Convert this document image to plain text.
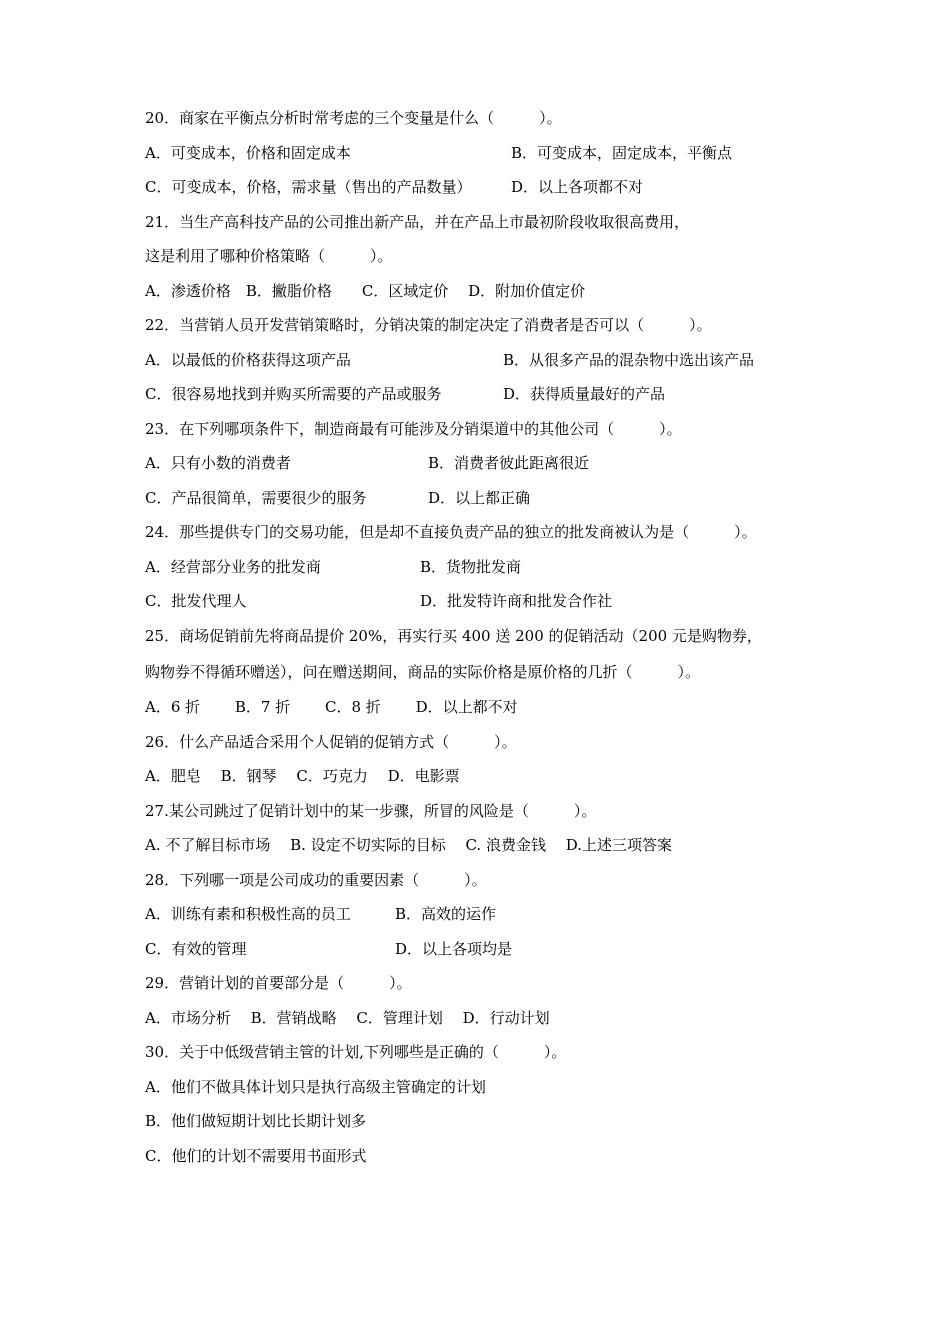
20．商家在平衡点分析时常考虑的三个变量是什么（　　　）。

A．可变成本，价格和固定成本

	B．可变成本，固定成本，平衡点

C．可变成本，价格，需求量（售出的产品数量）

	D．以上各项都不对

21．当生产高科技产品的公司推出新产品，并在产品上市最初阶段收取很高费用，

这是利用了哪种价格策略（　　　）。

A．渗透价格　B．撇脂价格　　C．区域定价　 D．附加价值定价

22．当营销人员开发营销策略时，分销决策的制定决定了消费者是否可以（　　　）。

A．以最低的价格获得这项产品

	B．从很多产品的混杂物中选出该产品

C．很容易地找到并购买所需要的产品或服务

	D．获得质量最好的产品

23．在下列哪项条件下，制造商最有可能涉及分销渠道中的其他公司（　　　）。

A．只有小数的消费者

	B．消费者彼此距离很近

C．产品很简单，需要很少的服务

	D．以上都正确

24．那些提供专门的交易功能，但是却不直接负责产品的独立的批发商被认为是（　　　）。

A．经营部分业务的批发商

	B．货物批发商

C．批发代理人

	D．批发特许商和批发合作社

25．商场促销前先将商品提价 20%，再实行买 400 送 200 的促销活动（200 元是购物券，

购物券不得循环赠送），问在赠送期间，商品的实际价格是原价格的几折（　　　）。

A．6 折　　 B．7 折　　 C．8 折　　 D．以上都不对

26．什么产品适合采用个人促销的促销方式（　　　）。

A．肥皂　 B．钢琴　 C．巧克力　 D．电影票

27.某公司跳过了促销计划中的某一步骤，所冒的风险是（　　　）。

A. 不了解目标市场　 B. 设定不切实际的目标　 C. 浪费金钱　 D.上述三项答案

28．下列哪一项是公司成功的重要因素（　　　）。

A．训练有素和积极性高的员工

	B．高效的运作

C．有效的管理

	D．以上各项均是

29．营销计划的首要部分是（　　　）。

A．市场分析　 B．营销战略　 C．管理计划　 D．行动计划

30．关于中低级营销主管的计划,下列哪些是正确的（　　　）。

A．他们不做具体计划只是执行高级主管确定的计划

B．他们做短期计划比长期计划多

C．他们的计划不需要用书面形式
